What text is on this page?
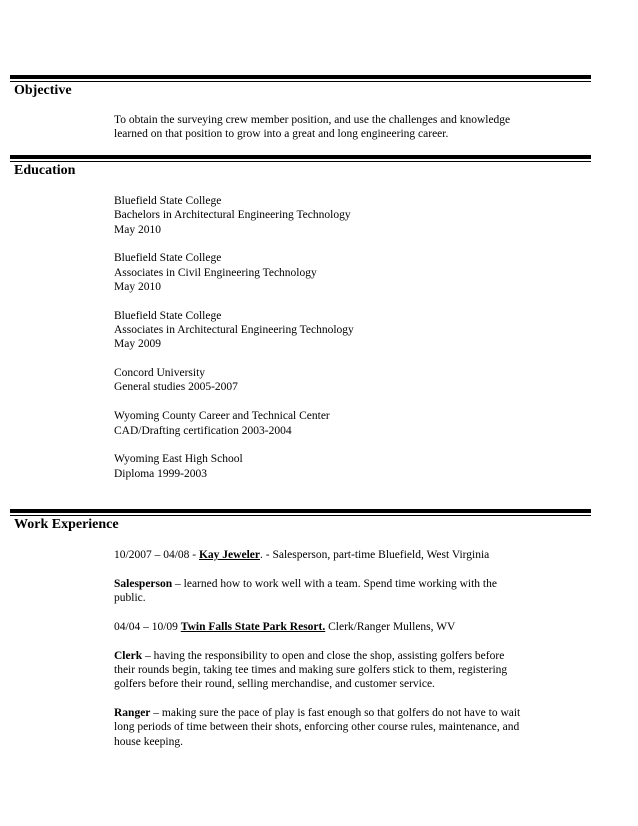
Objective
To obtain the surveying crew member position, and use the challenges and knowledge
learned on that position to grow into a great and long engineering career.
Education
Bluefield State College
Bachelors in Architectural Engineering Technology
May 2010
Bluefield State College
Associates in Civil Engineering Technology
May 2010
Bluefield State College
Associates in Architectural Engineering Technology
May 2009
Concord University
General studies 2005-2007
Wyoming County Career and Technical Center
CAD/Drafting certification 2003-2004
Wyoming East High School
Diploma 1999-2003
Work Experience
10/2007 – 04/08 - Kay Jeweler. - Salesperson, part-time Bluefield, West Virginia
Salesperson – learned how to work well with a team. Spend time working with the
public.
04/04 – 10/09 Twin Falls State Park Resort. Clerk/Ranger Mullens, WV
Clerk – having the responsibility to open and close the shop, assisting golfers before
their rounds begin, taking tee times and making sure golfers stick to them, registering
golfers before their round, selling merchandise, and customer service.
Ranger – making sure the pace of play is fast enough so that golfers do not have to wait
long periods of time between their shots, enforcing other course rules, maintenance, and
house keeping.
